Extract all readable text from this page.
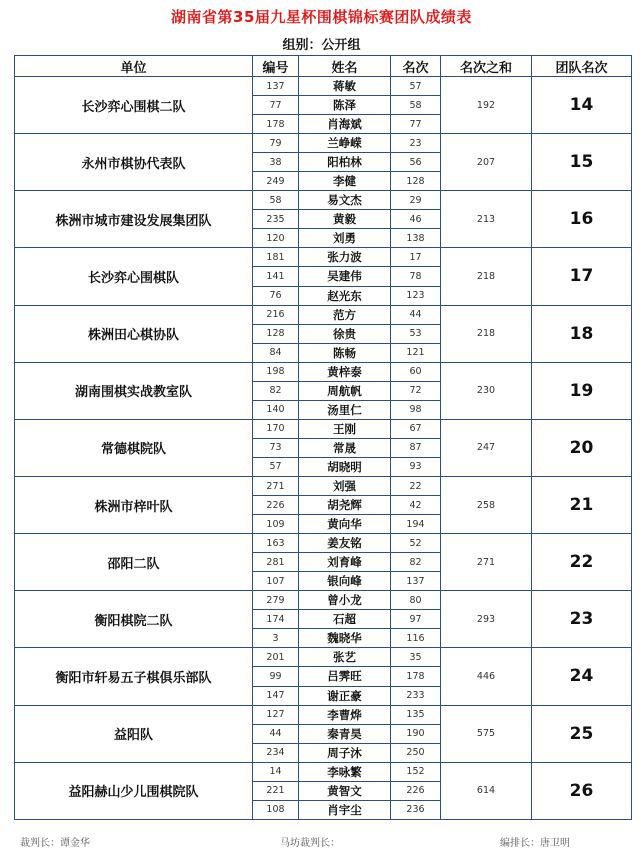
湖南省第35届九星杯围棋锦标赛团队成绩表
组别：公开组
单位	编号	姓名	名次	名次之和	团队名次
长沙弈心围棋二队	137	蒋敏	57	192	14
	77	陈泽	58		
	178	肖海斌	77		
永州市棋协代表队	79	兰峥嵘	23	207	15
	38	阳柏林	56		
	249	李健	128		
株洲市城市建设发展集团队	58	易文杰	29	213	16
	235	黄毅	46		
	120	刘勇	138		
长沙弈心围棋队	181	张力波	17	218	17
	141	吴建伟	78		
	76	赵光东	123		
株洲田心棋协队	216	范方	44	218	18
	128	徐贵	53		
	84	陈畅	121		
湖南围棋实战教室队	198	黄梓泰	60	230	19
	82	周航帆	72		
	140	汤里仁	98		
常德棋院队	170	王刚	67	247	20
	73	常晟	87		
	57	胡晓明	93		
株洲市梓叶队	271	刘强	22	258	21
	226	胡尧辉	42		
	109	黄向华	194		
邵阳二队	163	姜友铭	52	271	22
	281	刘育峰	82		
	107	银向峰	137		
衡阳棋院二队	279	曾小龙	80	293	23
	174	石超	97		
	3	魏晓华	116		
衡阳市轩易五子棋俱乐部队	201	张艺	35	446	24
	99	吕霁旺	178		
	147	谢正豪	233		
益阳队	127	李曹烨	135	575	25
	44	秦青昊	190		
	234	周子沐	250		
益阳赫山少儿围棋院队	14	李咏繁	152	614	26
	221	黄智文	226		
	108	肖宇尘	236		
裁判长：谭金华	马坊裁判长：	编排长：唐卫明
